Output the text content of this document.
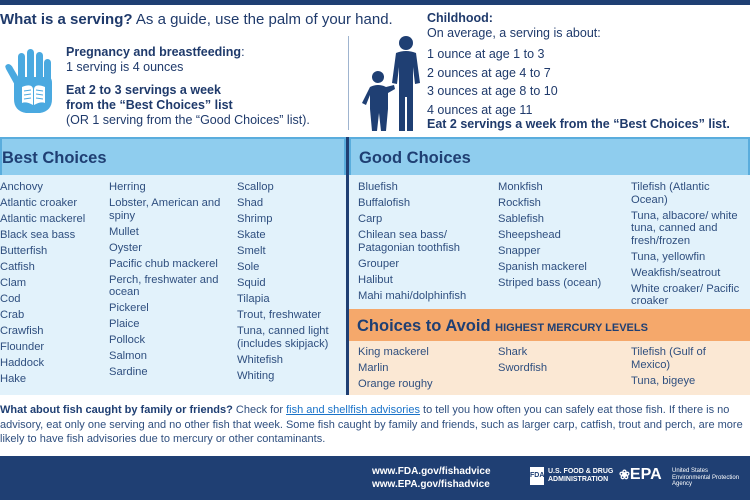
What is a serving? As a guide, use the palm of your hand.
Pregnancy and breastfeeding:
1 serving is 4 ounces
Eat 2 to 3 servings a week
from the “Best Choices” list
(OR 1 serving from the “Good Choices” list).
Childhood:
On average, a serving is about:
1 ounce at age 1 to 3
2 ounces at age 4 to 7
3 ounces at age 8 to 10
4 ounces at age 11
Eat 2 servings a week from the “Best Choices” list.
Best Choices
Anchovy
Atlantic croaker
Atlantic mackerel
Black sea bass
Butterfish
Catfish
Clam
Cod
Crab
Crawfish
Flounder
Haddock
Hake
Herring
Lobster, American and spiny
Mullet
Oyster
Pacific chub mackerel
Perch, freshwater and ocean
Pickerel
Plaice
Pollock
Salmon
Sardine
Scallop
Shad
Shrimp
Skate
Smelt
Sole
Squid
Tilapia
Trout, freshwater
Tuna, canned light (includes skipjack)
Whitefish
Whiting
Good Choices
Bluefish
Buffalofish
Carp
Chilean sea bass/ Patagonian toothfish
Grouper
Halibut
Mahi mahi/dolphinfish
Monkfish
Rockfish
Sablefish
Sheepshead
Snapper
Spanish mackerel
Striped bass (ocean)
Tilefish (Atlantic Ocean)
Tuna, albacore/ white tuna, canned and fresh/frozen
Tuna, yellowfin
Weakfish/seatrout
White croaker/ Pacific croaker
Choices to Avoid HIGHEST MERCURY LEVELS
King mackerel
Marlin
Orange roughy
Shark
Swordfish
Tilefish (Gulf of Mexico)
Tuna, bigeye
What about fish caught by family or friends? Check for fish and shellfish advisories to tell you how often you can safely eat those fish. If there is no advisory, eat only one serving and no other fish that week. Some fish caught by family and friends, such as larger carp, catfish, trout and perch, are more likely to have fish advisories due to mercury or other contaminants.
www.FDA.gov/fishadvice
www.EPA.gov/fishadvice
FDA
U.S. FOOD & DRUG
ADMINISTRATION ❀EPA United States
Environmental Protection
Agency
